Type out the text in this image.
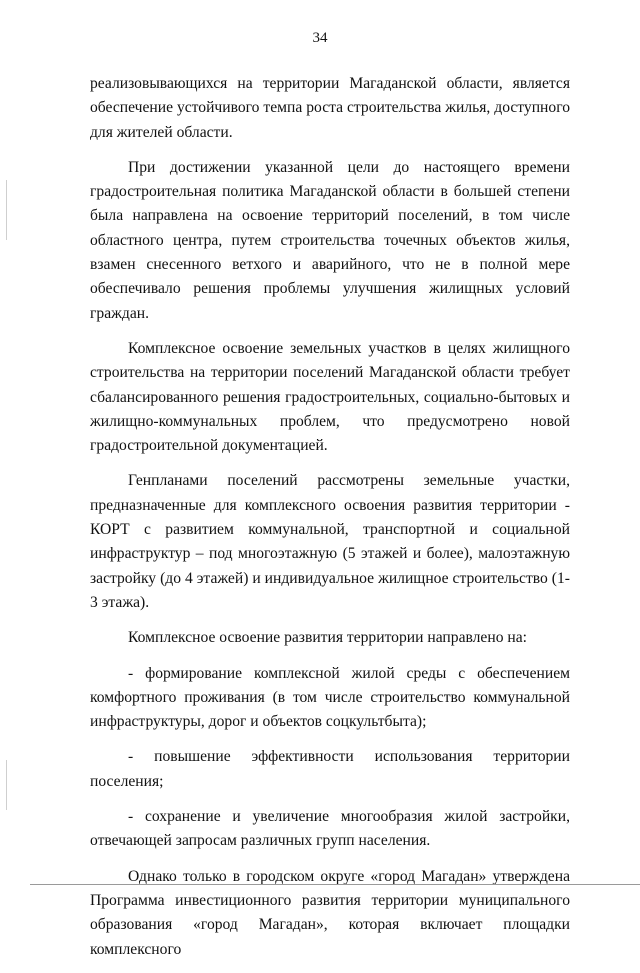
34

реализовывающихся на территории Магаданской области, является обеспечение устойчивого темпа роста строительства жилья, доступного для жителей области.

При достижении указанной цели до настоящего времени градостроительная политика Магаданской области в большей степени была направлена на освоение территорий поселений, в том числе областного центра, путем строительства точечных объектов жилья, взамен снесенного ветхого и аварийного, что не в полной мере обеспечивало решения проблемы улучшения жилищных условий граждан.

Комплексное освоение земельных участков в целях жилищного строительства на территории поселений Магаданской области требует сбалансированного решения градостроительных, социально-бытовых и жилищно-коммунальных проблем, что предусмотрено новой градостроительной документацией.

Генпланами поселений рассмотрены земельные участки, предназначенные для комплексного освоения развития территории - КОРТ с развитием коммунальной, транспортной и социальной инфраструктур – под многоэтажную (5 этажей и более), малоэтажную застройку (до 4 этажей) и индивидуальное жилищное строительство (1-3 этажа).

Комплексное освоение развития территории направлено на:

- формирование комплексной жилой среды с обеспечением комфортного проживания (в том числе строительство коммунальной инфраструктуры, дорог и объектов соцкультбыта);

- повышение эффективности использования территории поселения;

- сохранение и увеличение многообразия жилой застройки, отвечающей запросам различных групп населения.

Однако только в городском округе «город Магадан» утверждена Программа инвестиционного развития территории муниципального образования «город Магадан», которая включает площадки комплексного
